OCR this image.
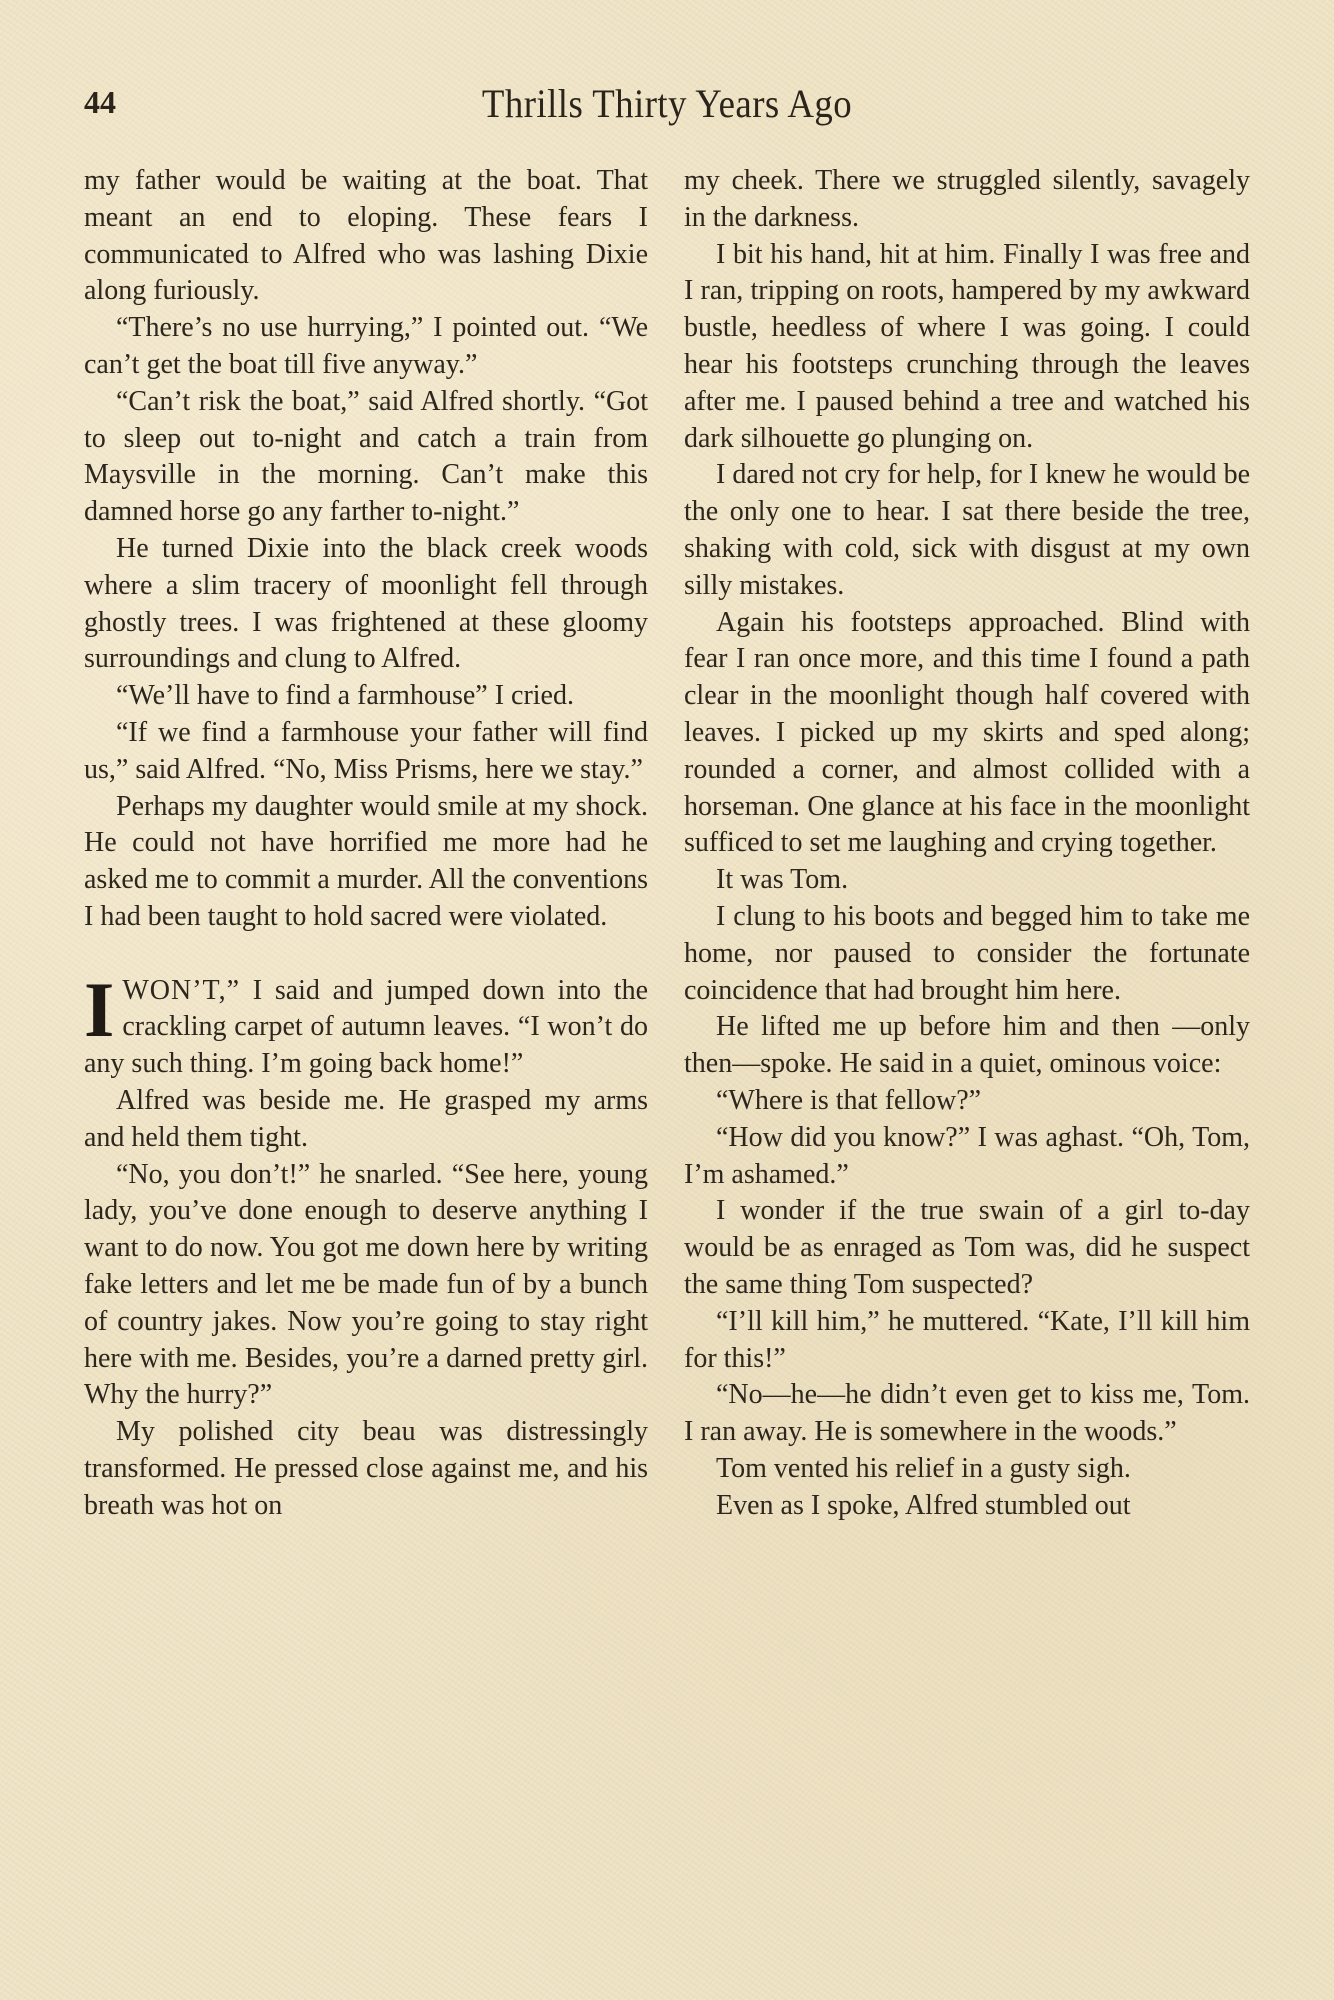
44	Thrills Thirty Years Ago

my father would be waiting at the boat. That meant an end to eloping. These fears I communicated to Alfred who was lashing Dixie along furiously.

“There’s no use hurrying,” I pointed out. “We can’t get the boat till five anyway.”

“Can’t risk the boat,” said Alfred shortly. “Got to sleep out to-night and catch a train from Maysville in the morning. Can’t make this damned horse go any farther to-night.”

He turned Dixie into the black creek woods where a slim tracery of moonlight fell through ghostly trees. I was frightened at these gloomy surroundings and clung to Alfred.

“We’ll have to find a farmhouse” I cried.

“If we find a farmhouse your father will find us,” said Alfred. “No, Miss Prisms, here we stay.”

Perhaps my daughter would smile at my shock. He could not have horrified me more had he asked me to commit a murder. All the conventions I had been taught to hold sacred were violated.

IWON’T,” I said and jumped down into the crackling carpet of autumn leaves. “I won’t do any such thing. I’m going back home!”

Alfred was beside me. He grasped my arms and held them tight.

“No, you don’t!” he snarled. “See here, young lady, you’ve done enough to deserve anything I want to do now. You got me down here by writing fake letters and let me be made fun of by a bunch of country jakes. Now you’re going to stay right here with me. Besides, you’re a darned pretty girl. Why the hurry?”

My polished city beau was distressingly transformed. He pressed close against me, and his breath was hot on

my cheek. There we struggled silently, savagely in the darkness.

I bit his hand, hit at him. Finally I was free and I ran, tripping on roots, hampered by my awkward bustle, heedless of where I was going. I could hear his footsteps crunching through the leaves after me. I paused behind a tree and watched his dark silhouette go plunging on.

I dared not cry for help, for I knew he would be the only one to hear. I sat there beside the tree, shaking with cold, sick with disgust at my own silly mistakes.

Again his footsteps approached. Blind with fear I ran once more, and this time I found a path clear in the moonlight though half covered with leaves. I picked up my skirts and sped along; rounded a corner, and almost collided with a horseman. One glance at his face in the moonlight sufficed to set me laughing and crying together.

It was Tom.

I clung to his boots and begged him to take me home, nor paused to consider the fortunate coincidence that had brought him here.

He lifted me up before him and then —only then—spoke. He said in a quiet, ominous voice:

“Where is that fellow?”

“How did you know?” I was aghast. “Oh, Tom, I’m ashamed.”

I wonder if the true swain of a girl to-day would be as enraged as Tom was, did he suspect the same thing Tom suspected?

“I’ll kill him,” he muttered. “Kate, I’ll kill him for this!”

“No—he—he didn’t even get to kiss me, Tom. I ran away. He is somewhere in the woods.”

Tom vented his relief in a gusty sigh.

Even as I spoke, Alfred stumbled out
